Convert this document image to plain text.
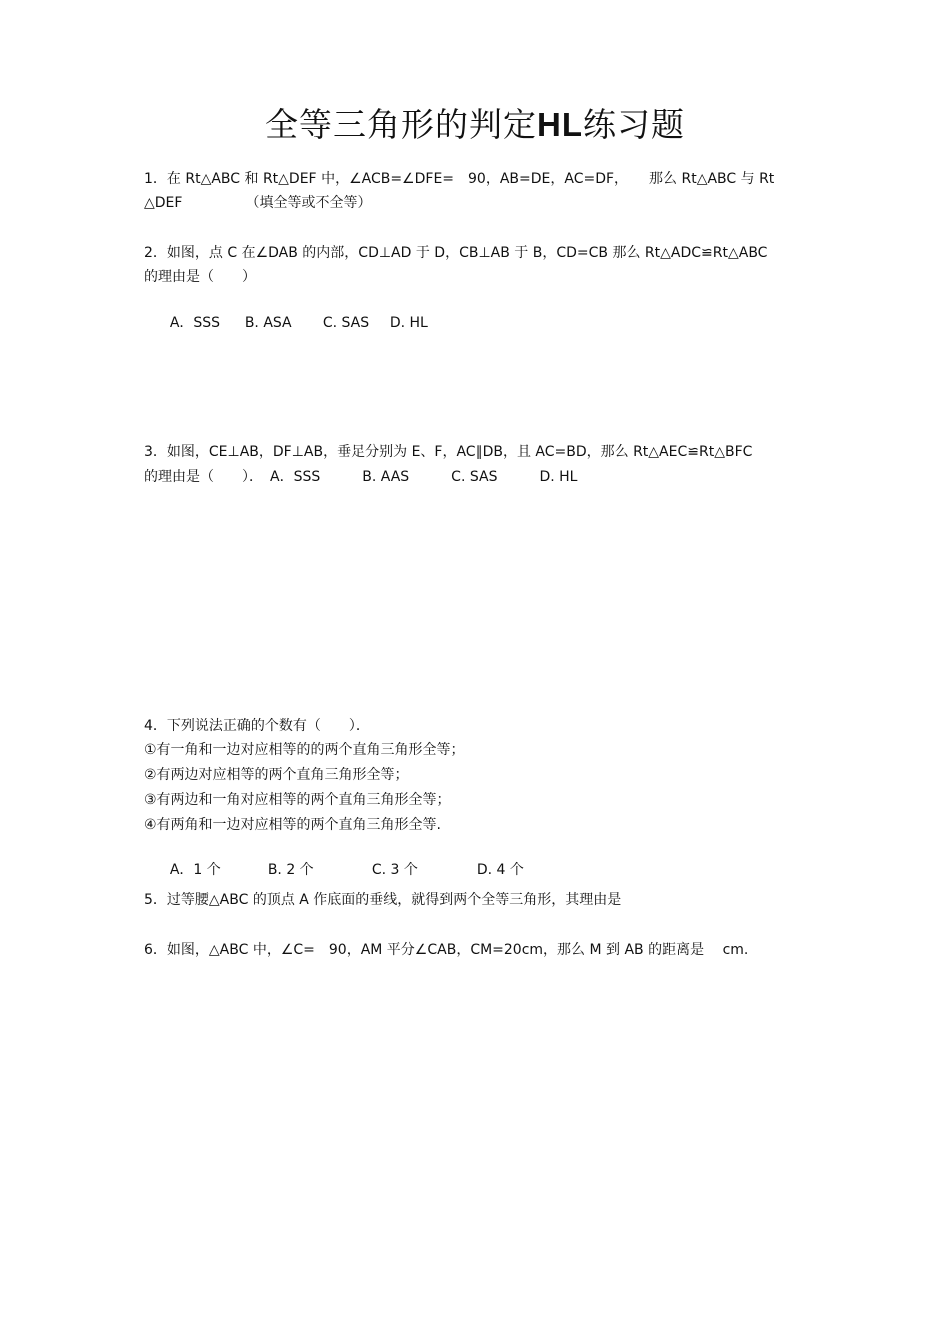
全等三角形的判定HL练习题
1．在 Rt△ABC 和 Rt△DEF 中，∠ACB=∠DFE=　90，AB=DE，AC=DF，　　那么 Rt△ABC 与 Rt
△DEF　　　　　（填全等或不全等）
2．如图，点 C 在∠DAB 的内部，CD⊥AD 于 D，CB⊥AB 于 B，CD=CB 那么 Rt△ADC≌Rt△ABC
的理由是（　　）

A．SSS B. ASA C. SAS D. HL

3．如图，CE⊥AB，DF⊥AB，垂足分别为 E、F，AC∥DB，且 AC=BD，那么 Rt△AEC≌Rt△BFC
的理由是（　　）．　A．SSS　　　B. AAS　　　C. SAS　　　D. HL
4．下列说法正确的个数有（　　）．
①有一角和一边对应相等的的两个直角三角形全等；
②有两边对应相等的两个直角三角形全等；
③有两边和一角对应相等的两个直角三角形全等；
④有两角和一边对应相等的两个直角三角形全等.

A．1 个	B. 2 个	C. 3 个	D. 4 个

5．过等腰△ABC 的顶点 A 作底面的垂线，就得到两个全等三角形，其理由是
6．如图，△ABC 中，∠C=　90，AM 平分∠CAB，CM=20cm，那么 M 到 AB 的距离是　 cm.
